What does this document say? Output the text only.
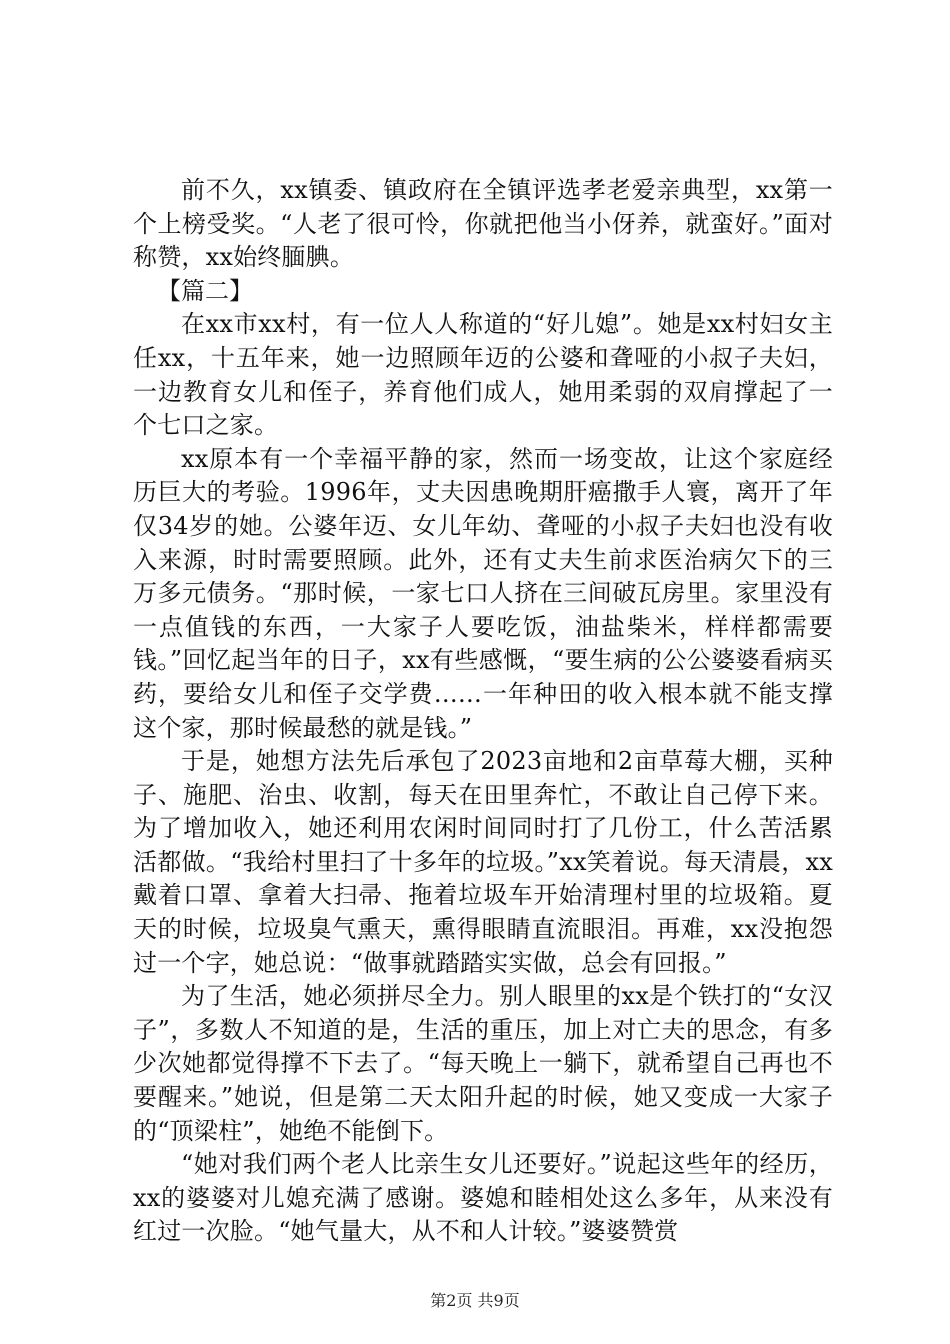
前不久，xx镇委、镇政府在全镇评选孝老爱亲典型，xx第一个上榜受奖。“人老了很可怜，你就把他当小伢养，就蛮好。”面对称赞，xx始终腼腆。

【篇二】

在xx市xx村，有一位人人称道的“好儿媳”。她是xx村妇女主任xx，十五年来，她一边照顾年迈的公婆和聋哑的小叔子夫妇，一边教育女儿和侄子，养育他们成人，她用柔弱的双肩撑起了一个七口之家。

xx原本有一个幸福平静的家，然而一场变故，让这个家庭经历巨大的考验。1996年，丈夫因患晚期肝癌撒手人寰，离开了年仅34岁的她。公婆年迈、女儿年幼、聋哑的小叔子夫妇也没有收入来源，时时需要照顾。此外，还有丈夫生前求医治病欠下的三万多元债务。“那时候，一家七口人挤在三间破瓦房里。家里没有一点值钱的东西，一大家子人要吃饭，油盐柴米，样样都需要钱。”回忆起当年的日子，xx有些感慨，“要生病的公公婆婆看病买药，要给女儿和侄子交学费……一年种田的收入根本就不能支撑这个家，那时候最愁的就是钱。”

于是，她想方法先后承包了2023亩地和2亩草莓大棚，买种子、施肥、治虫、收割，每天在田里奔忙，不敢让自己停下来。为了增加收入，她还利用农闲时间同时打了几份工，什么苦活累活都做。“我给村里扫了十多年的垃圾。”xx笑着说。每天清晨，xx戴着口罩、拿着大扫帚、拖着垃圾车开始清理村里的垃圾箱。夏天的时候，垃圾臭气熏天，熏得眼睛直流眼泪。再难，xx没抱怨过一个字，她总说：“做事就踏踏实实做，总会有回报。”

为了生活，她必须拼尽全力。别人眼里的xx是个铁打的“女汉子”，多数人不知道的是，生活的重压，加上对亡夫的思念，有多少次她都觉得撑不下去了。“每天晚上一躺下，就希望自己再也不要醒来。”她说，但是第二天太阳升起的时候，她又变成一大家子的“顶梁柱”，她绝不能倒下。

“她对我们两个老人比亲生女儿还要好。”说起这些年的经历，xx的婆婆对儿媳充满了感谢。婆媳和睦相处这么多年，从来没有红过一次脸。“她气量大，从不和人计较。”婆婆赞赏

第2页 共9页
